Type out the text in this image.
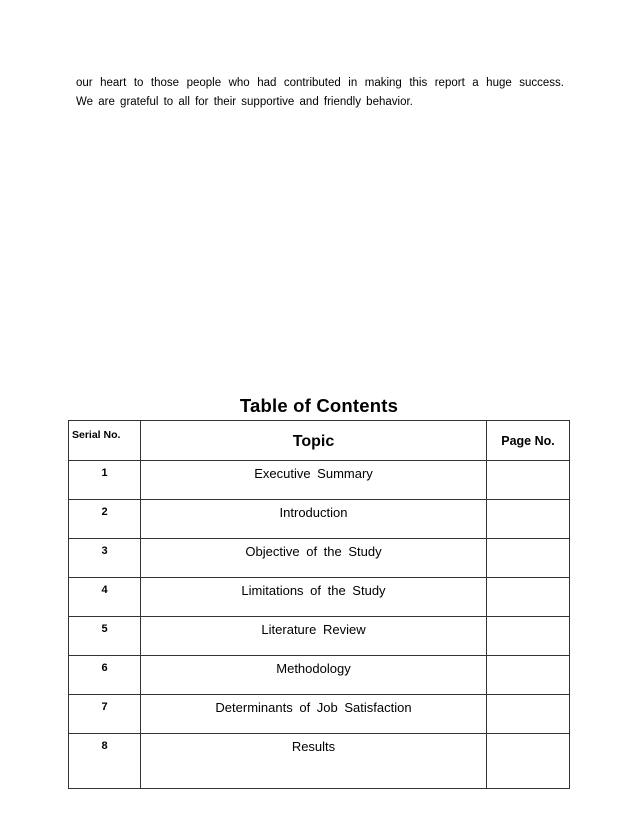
our heart to those people who had contributed in making this report a huge success.

We are grateful to all for their supportive and friendly behavior.

Table of Contents
Serial No.	Topic	Page No.
1	Executive Summary	
2	Introduction	
3	Objective of the Study	
4	Limitations of the Study	
5	Literature Review	
6	Methodology	
7	Determinants of Job Satisfaction	
8	Results	
